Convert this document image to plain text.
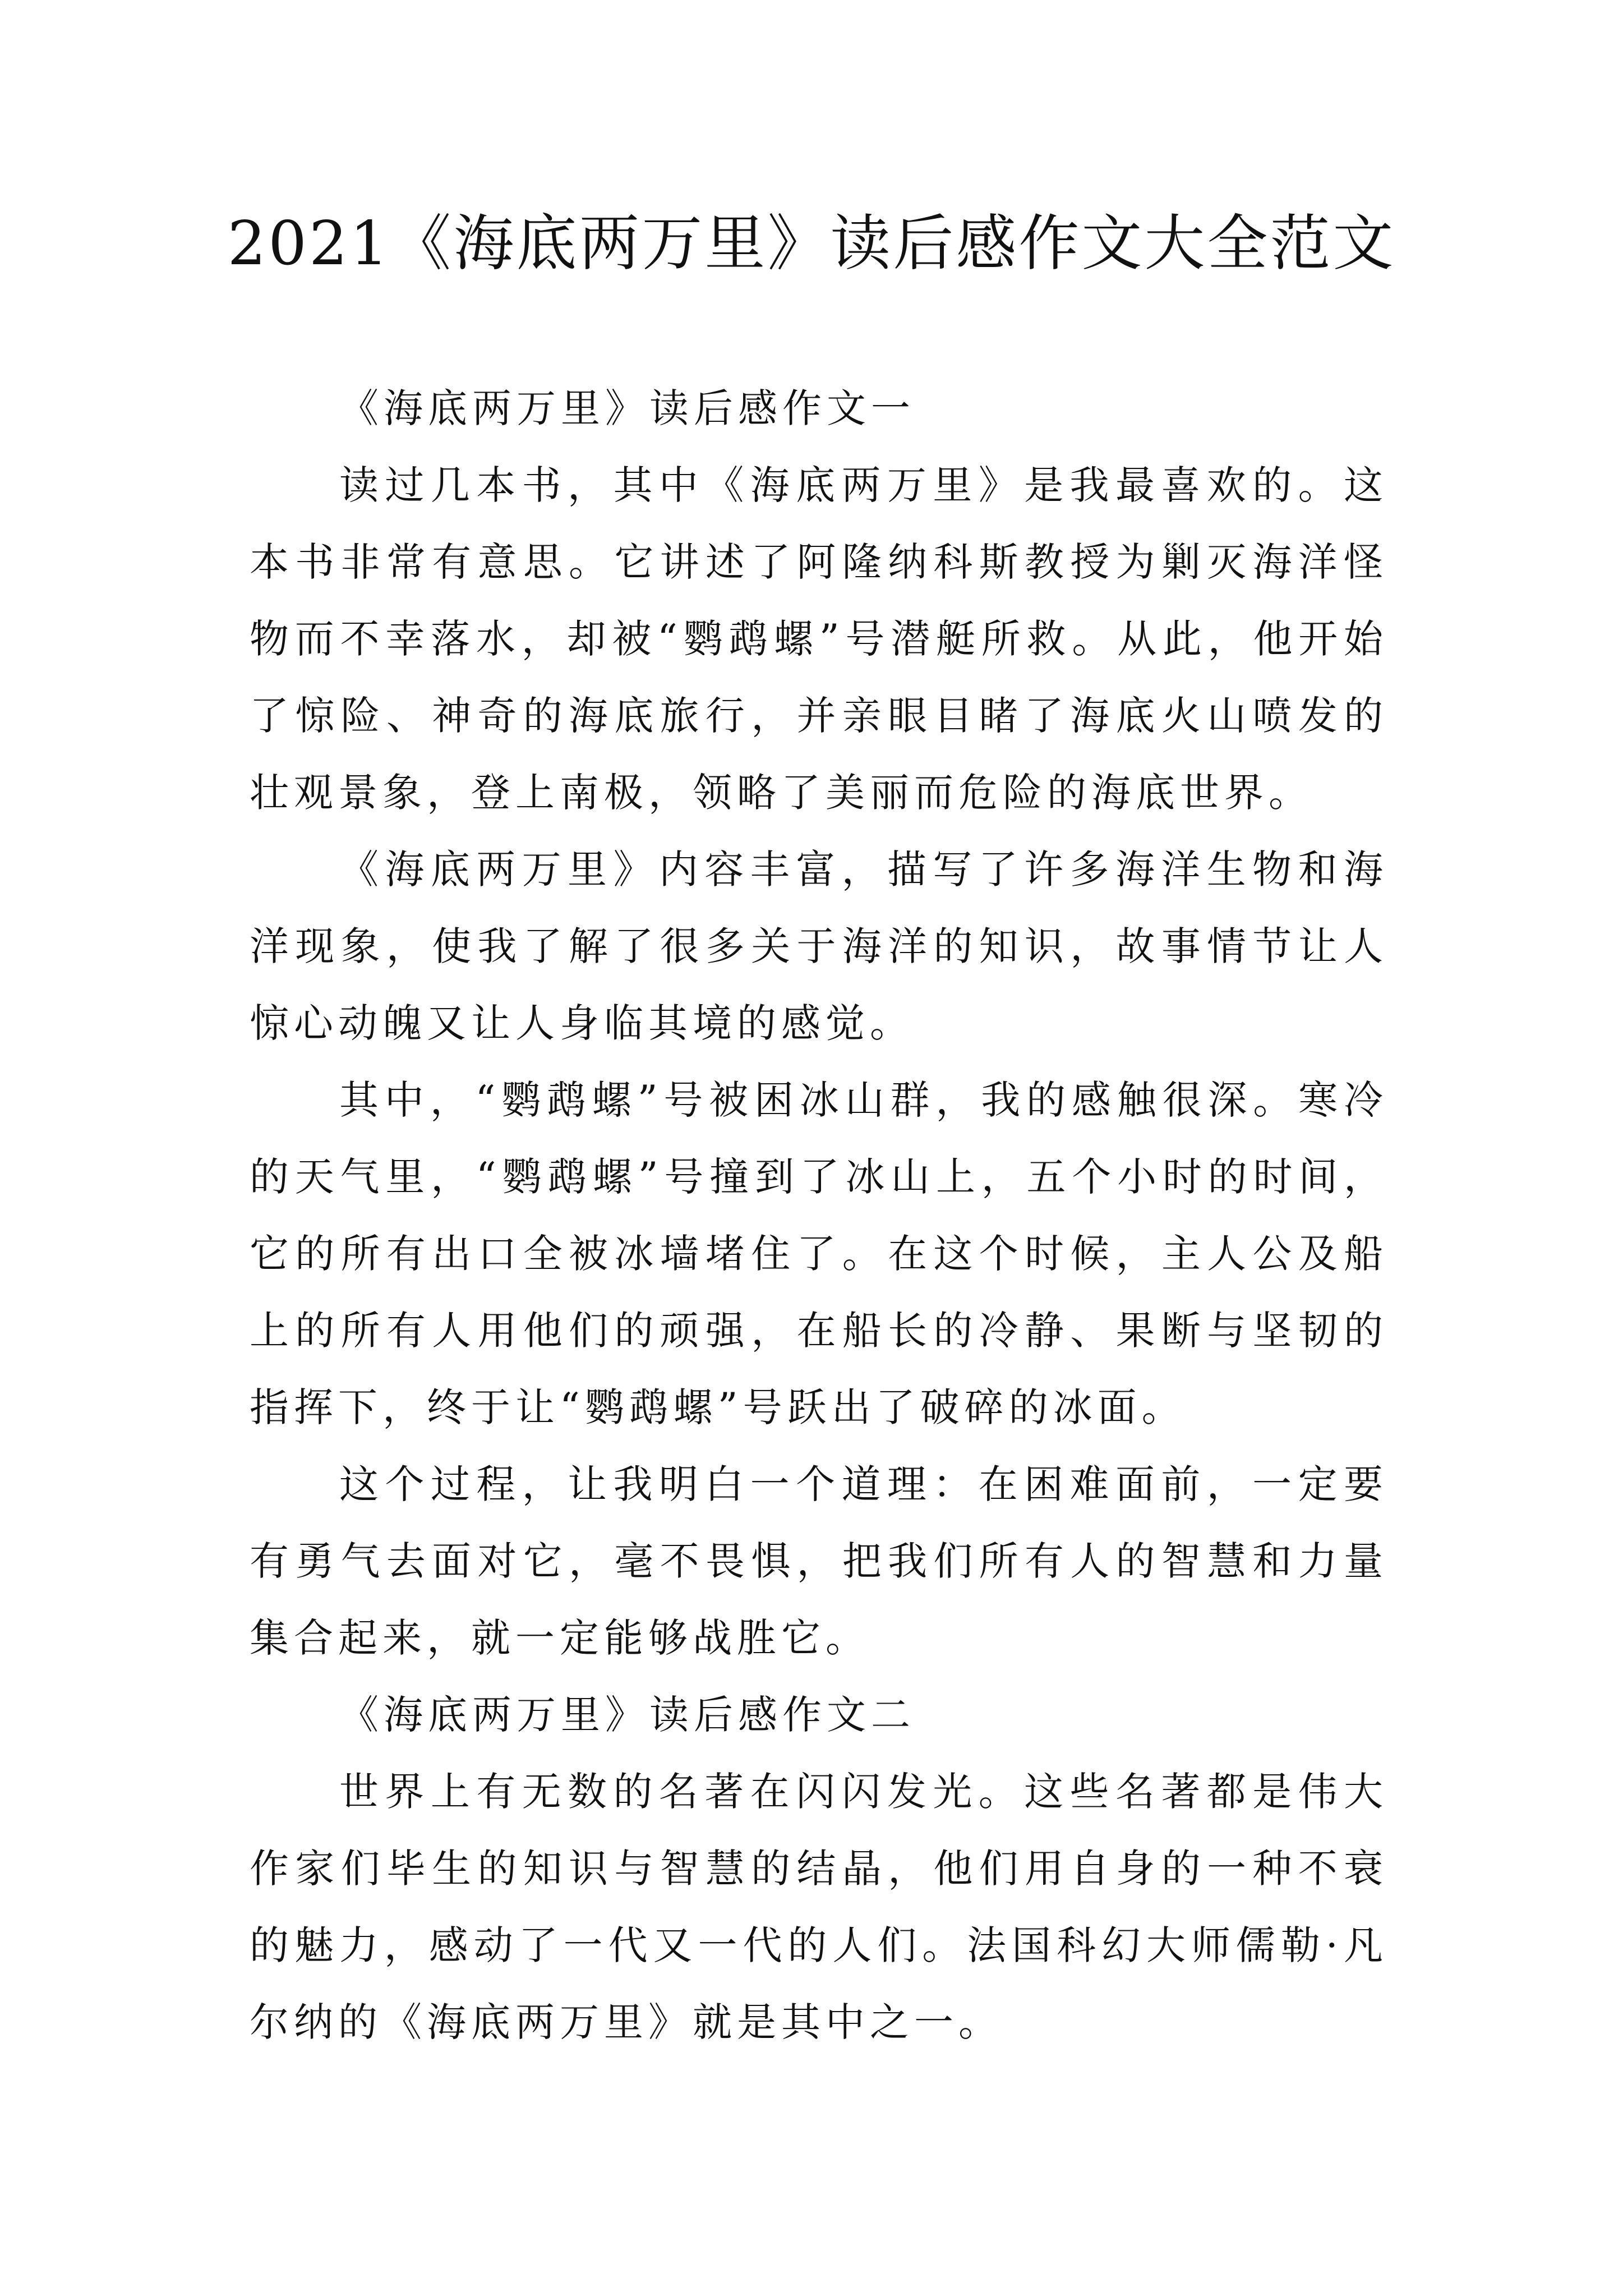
2021《海底两万里》读后感作文大全范文

《海底两万里》读后感作文一

读过几本书，其中《海底两万里》是我最喜欢的。这本书非常有意思。它讲述了阿隆纳科斯教授为剿灭海洋怪物而不幸落水，却被“鹦鹉螺”号潜艇所救。从此，他开始了惊险、神奇的海底旅行，并亲眼目睹了海底火山喷发的壮观景象，登上南极，领略了美丽而危险的海底世界。

《海底两万里》内容丰富，描写了许多海洋生物和海洋现象，使我了解了很多关于海洋的知识，故事情节让人惊心动魄又让人身临其境的感觉。

其中，“鹦鹉螺”号被困冰山群，我的感触很深。寒冷的天气里，“鹦鹉螺”号撞到了冰山上，五个小时的时间，它的所有出口全被冰墙堵住了。在这个时候，主人公及船上的所有人用他们的顽强，在船长的冷静、果断与坚韧的指挥下，终于让“鹦鹉螺”号跃出了破碎的冰面。

这个过程，让我明白一个道理：在困难面前，一定要有勇气去面对它，毫不畏惧，把我们所有人的智慧和力量集合起来，就一定能够战胜它。

《海底两万里》读后感作文二

世界上有无数的名著在闪闪发光。这些名著都是伟大作家们毕生的知识与智慧的结晶，他们用自身的一种不衰的魅力，感动了一代又一代的人们。法国科幻大师儒勒·凡尔纳的《海底两万里》就是其中之一。
